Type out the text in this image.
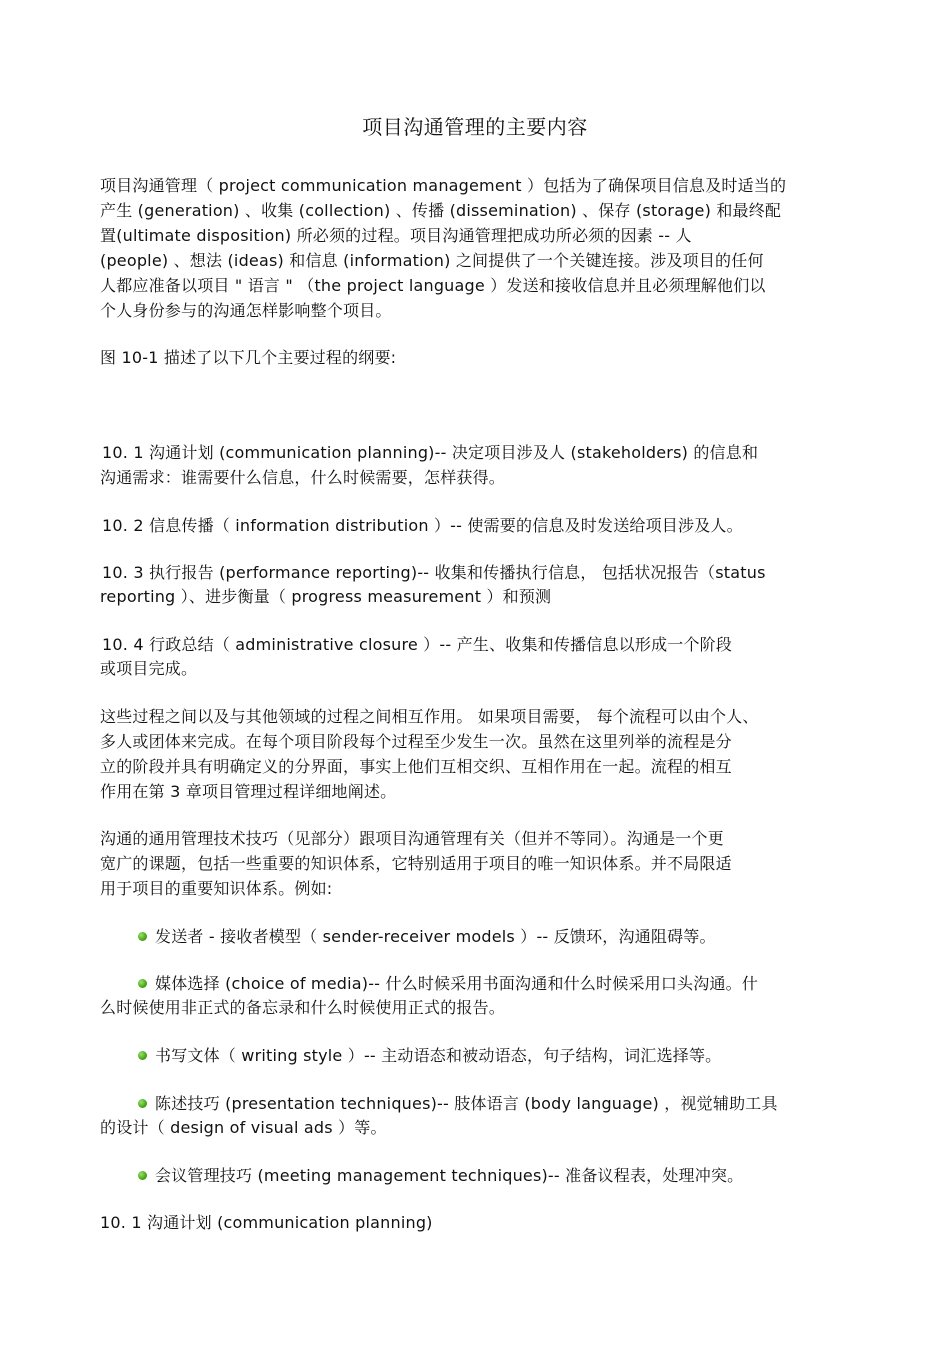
项目沟通管理的主要内容
项目沟通管理（ project communication management ）包括为了确保项目信息及时适当的
产生 (generation) 、收集 (collection) 、传播 (dissemination) 、保存 (storage) 和最终配
置(ultimate disposition) 所必须的过程。项目沟通管理把成功所必须的因素 -- 人
(people) 、想法 (ideas) 和信息 (information) 之间提供了一个关键连接。涉及项目的任何
人都应准备以项目 " 语言 " （the project language ）发送和接收信息并且必须理解他们以
个人身份参与的沟通怎样影响整个项目。
图 10-1 描述了以下几个主要过程的纲要:
10. 1 沟通计划 (communication planning)-- 决定项目涉及人 (stakeholders) 的信息和
沟通需求：谁需要什么信息，什么时候需要，怎样获得。
10. 2 信息传播（ information distribution ）-- 使需要的信息及时发送给项目涉及人。
10. 3 执行报告 (performance reporting)-- 收集和传播执行信息， 包括状况报告（status
reporting ）、进步衡量（ progress measurement ）和预测
10. 4 行政总结（ administrative closure ）-- 产生、收集和传播信息以形成一个阶段
或项目完成。
这些过程之间以及与其他领域的过程之间相互作用。 如果项目需要， 每个流程可以由个人、
多人或团体来完成。在每个项目阶段每个过程至少发生一次。虽然在这里列举的流程是分
立的阶段并具有明确定义的分界面，事实上他们互相交织、互相作用在一起。流程的相互
作用在第 3 章项目管理过程详细地阐述。
沟通的通用管理技术技巧（见部分）跟项目沟通管理有关（但并不等同）。沟通是一个更
宽广的课题，包括一些重要的知识体系，它特别适用于项目的唯一知识体系。并不局限适
用于项目的重要知识体系。例如:
发送者 - 接收者模型（ sender-receiver models ）-- 反馈环，沟通阻碍等。
媒体选择 (choice of media)-- 什么时候采用书面沟通和什么时候采用口头沟通。什
么时候使用非正式的备忘录和什么时候使用正式的报告。
书写文体（ writing style ）-- 主动语态和被动语态，句子结构，词汇选择等。
陈述技巧 (presentation techniques)-- 肢体语言 (body language) ，视觉辅助工具
的设计（ design of visual ads ）等。
会议管理技巧 (meeting management techniques)-- 准备议程表，处理冲突。
10. 1 沟通计划 (communication planning)
